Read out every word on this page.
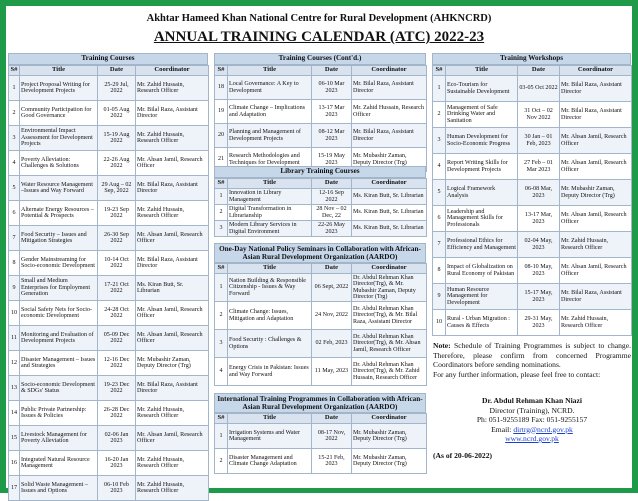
Akhtar Hameed Khan National Centre for Rural Development (AHKNCRD)
ANNUAL TRAINING CALENDAR (ATC) 2022-23
Training Courses
S#	Title	Date	Coordinator
1	Project Proposal Writing for Development Projects	25-29 Jul, 2022	Mr. Zahid Hussain, Research Officer
2	Community Participation for Good Governance	01-05 Aug 2022	Mr. Bilal Raza, Assistant Director
3	Environmental Impact Assessment for Development Projects	15-19 Aug 2022	Mr. Zahid Hussain, Research Officer
4	Poverty Alleviation: Challenges & Solutions	22-26 Aug 2022	Mr. Ahsan Jamil, Research Officer
5	Water Resource Management –Issues and Way Forward	29 Aug – 02 Sep, 2022	Mr. Bilal Raza, Assistant Director
6	Alternate Energy Resources – Potential & Prospects	19-23 Sep 2022	Mr. Zahid Hussain, Research Officer
7	Food Security – Issues and Mitigation Strategies	26-30 Sep 2022	Mr. Ahsan Jamil, Research Officer
8	Gender Mainstreaming for Socio-economic Development	10-14 Oct 2022	Mr. Bilal Raza, Assistant Director
9	Small and Medium Enterprises for Employment Generation	17-21 Oct 2022	Ms. Kiran Butt, Sr. Librarian
10	Social Safety Nets for Socio-economic Development	24-28 Oct 2022	Mr. Ahsan Jamil, Research Officer
11	Monitoring and Evaluation of Development Projects	05-09 Dec 2022	Mr. Ahsan Jamil, Research Officer
12	Disaster Management – Issues and Strategies	12-16 Dec 2022	Mr. Mubashir Zaman, Deputy Director (Trg)
13	Socio-economic Development & SDGs' Status	19-23 Dec 2022	Mr. Bilal Raza, Assistant Director
14	Public Private Partnership: Issues & Policies	26-28 Dec 2022	Mr. Zahid Hussain, Research Officer
15	Livestock Management for Poverty Alleviation	02-06 Jan 2023	Mr. Ahsan Jamil, Research Officer
16	Integrated Natural Resource Management	16-20 Jan 2023	Mr. Zahid Hussain, Research Officer
17	Solid Waste Management – Issues and Options	06-10 Feb 2023	Mr. Zahid Hussain, Research Officer
Training Courses (Cont'd.)
S#	Title	Date	Coordinator
18	Local Governance: A Key to Development	06-10 Mar 2023	Mr. Bilal Raza, Assistant Director
19	Climate Change – Implications and Adaptation	13-17 Mar 2023	Mr. Zahid Hussain, Research Officer
20	Planning and Management of Development Projects	08-12 Mar 2023	Mr. Bilal Raza, Assistant Director
21	Research Methodologies and Techniques for Development	15-19 May 2023	Mr. Mubashir Zaman, Deputy Director (Trg)
Library Training Courses
S#	Title	Date	Coordinator
1	Innovation in Library Management	12-16 Sep 2022	Ms. Kiran Butt, Sr. Librarian
2	Digital Transformation in Librarianship	28 Nov – 02 Dec, 22	Ms. Kiran Butt, Sr. Librarian
3	Modern Library Services in Digital Environment	22-26 May 2023	Ms. Kiran Butt, Sr. Librarian
One-Day National Policy Seminars in Collaboration with African-Asian Rural Development Organization (AARDO)
S#	Title	Date	Coordinator
1	Nation Building & Responsible Citizenship - Issues & Way Forward	06 Sept, 2022	Dr. Abdul Rehman Khan Director(Trg), & Mr. Mubashir Zaman, Deputy Director (Trg)
2	Climate Change: Issues, Mitigation and Adaptation	24 Nov, 2022	Dr. Abdul Rehman Khan Director(Trg), & Mr. Bilal Raza, Assistant Director
3	Food Security : Challenges & Options	02 Feb, 2023	Dr. Abdul Rehman Khan Director(Trg), & Mr. Ahsan Jamil, Research Officer
4	Energy Crisis in Pakistan: Issues and Way Forward	11 May, 2023	Dr. Abdul Rehman Khan Director(Trg), & Mr. Zahid Hussain, Research Officer
International Training Programmes in Collaboration with African-Asian Rural Development Organization (AARDO)
S#	Title	Date	Coordinator
1	Irrigation Systems and Water Management	08-17 Nov, 2022	Mr. Mubashir Zaman, Deputy Director (Trg)
2	Disaster Management and Climate Change Adaptation	15-21 Feb, 2023	Mr. Mubashir Zaman, Deputy Director (Trg)
Training Workshops
S#	Title	Date	Coordinator
1	Eco-Tourism for Sustainable Development	03-05 Oct 2022	Mr. Bilal Raza, Assistant Director
2	Management of Safe Drinking Water and Sanitation	31 Oct – 02 Nov 2022	Mr. Bilal Raza, Assistant Director
3	Human Development for Socio-Economic Progress	30 Jan – 01 Feb, 2023	Mr. Ahsan Jamil, Research Officer
4	Report Writing Skills for Development Projects	27 Feb – 01 Mar 2023	Mr. Ahsan Jamil, Research Officer
5	Logical Framework Analysis	06-08 Mar, 2023	Mr. Mubashir Zaman, Deputy Director (Trg)
6	Leadership and Management Skills for Professionals	13-17 Mar, 2023	Mr. Ahsan Jamil, Research Officer
7	Professional Ethics for Efficiency and Management	02-04 May, 2023	Mr. Zahid Hussain, Research Officer
8	Impact of Globalization on Rural Economy of Pakistan	08-10 May, 2023	Mr. Ahsan Jamil, Research Officer
9	Human Resource Management for Development	15-17 May, 2023	Mr. Bilal Raza, Assistant Director
10	Rural - Urban Migration : Causes & Effects	29-31 May, 2023	Mr. Zahid Hussain, Research Officer
Note: Schedule of Training Programmes is subject to change. Therefore, please confirm from concerned Programme Coordinators before sending nominations.
For any further information, please feel free to contact:
Dr. Abdul Rehman Khan Niazi
Director (Training), NCRD.
Ph: 051-9255189 Fax: 051-9255157
Email: dirtrg@ncrd.gov.pk
www.ncrd.gov.pk
(As of 20-06-2022)
